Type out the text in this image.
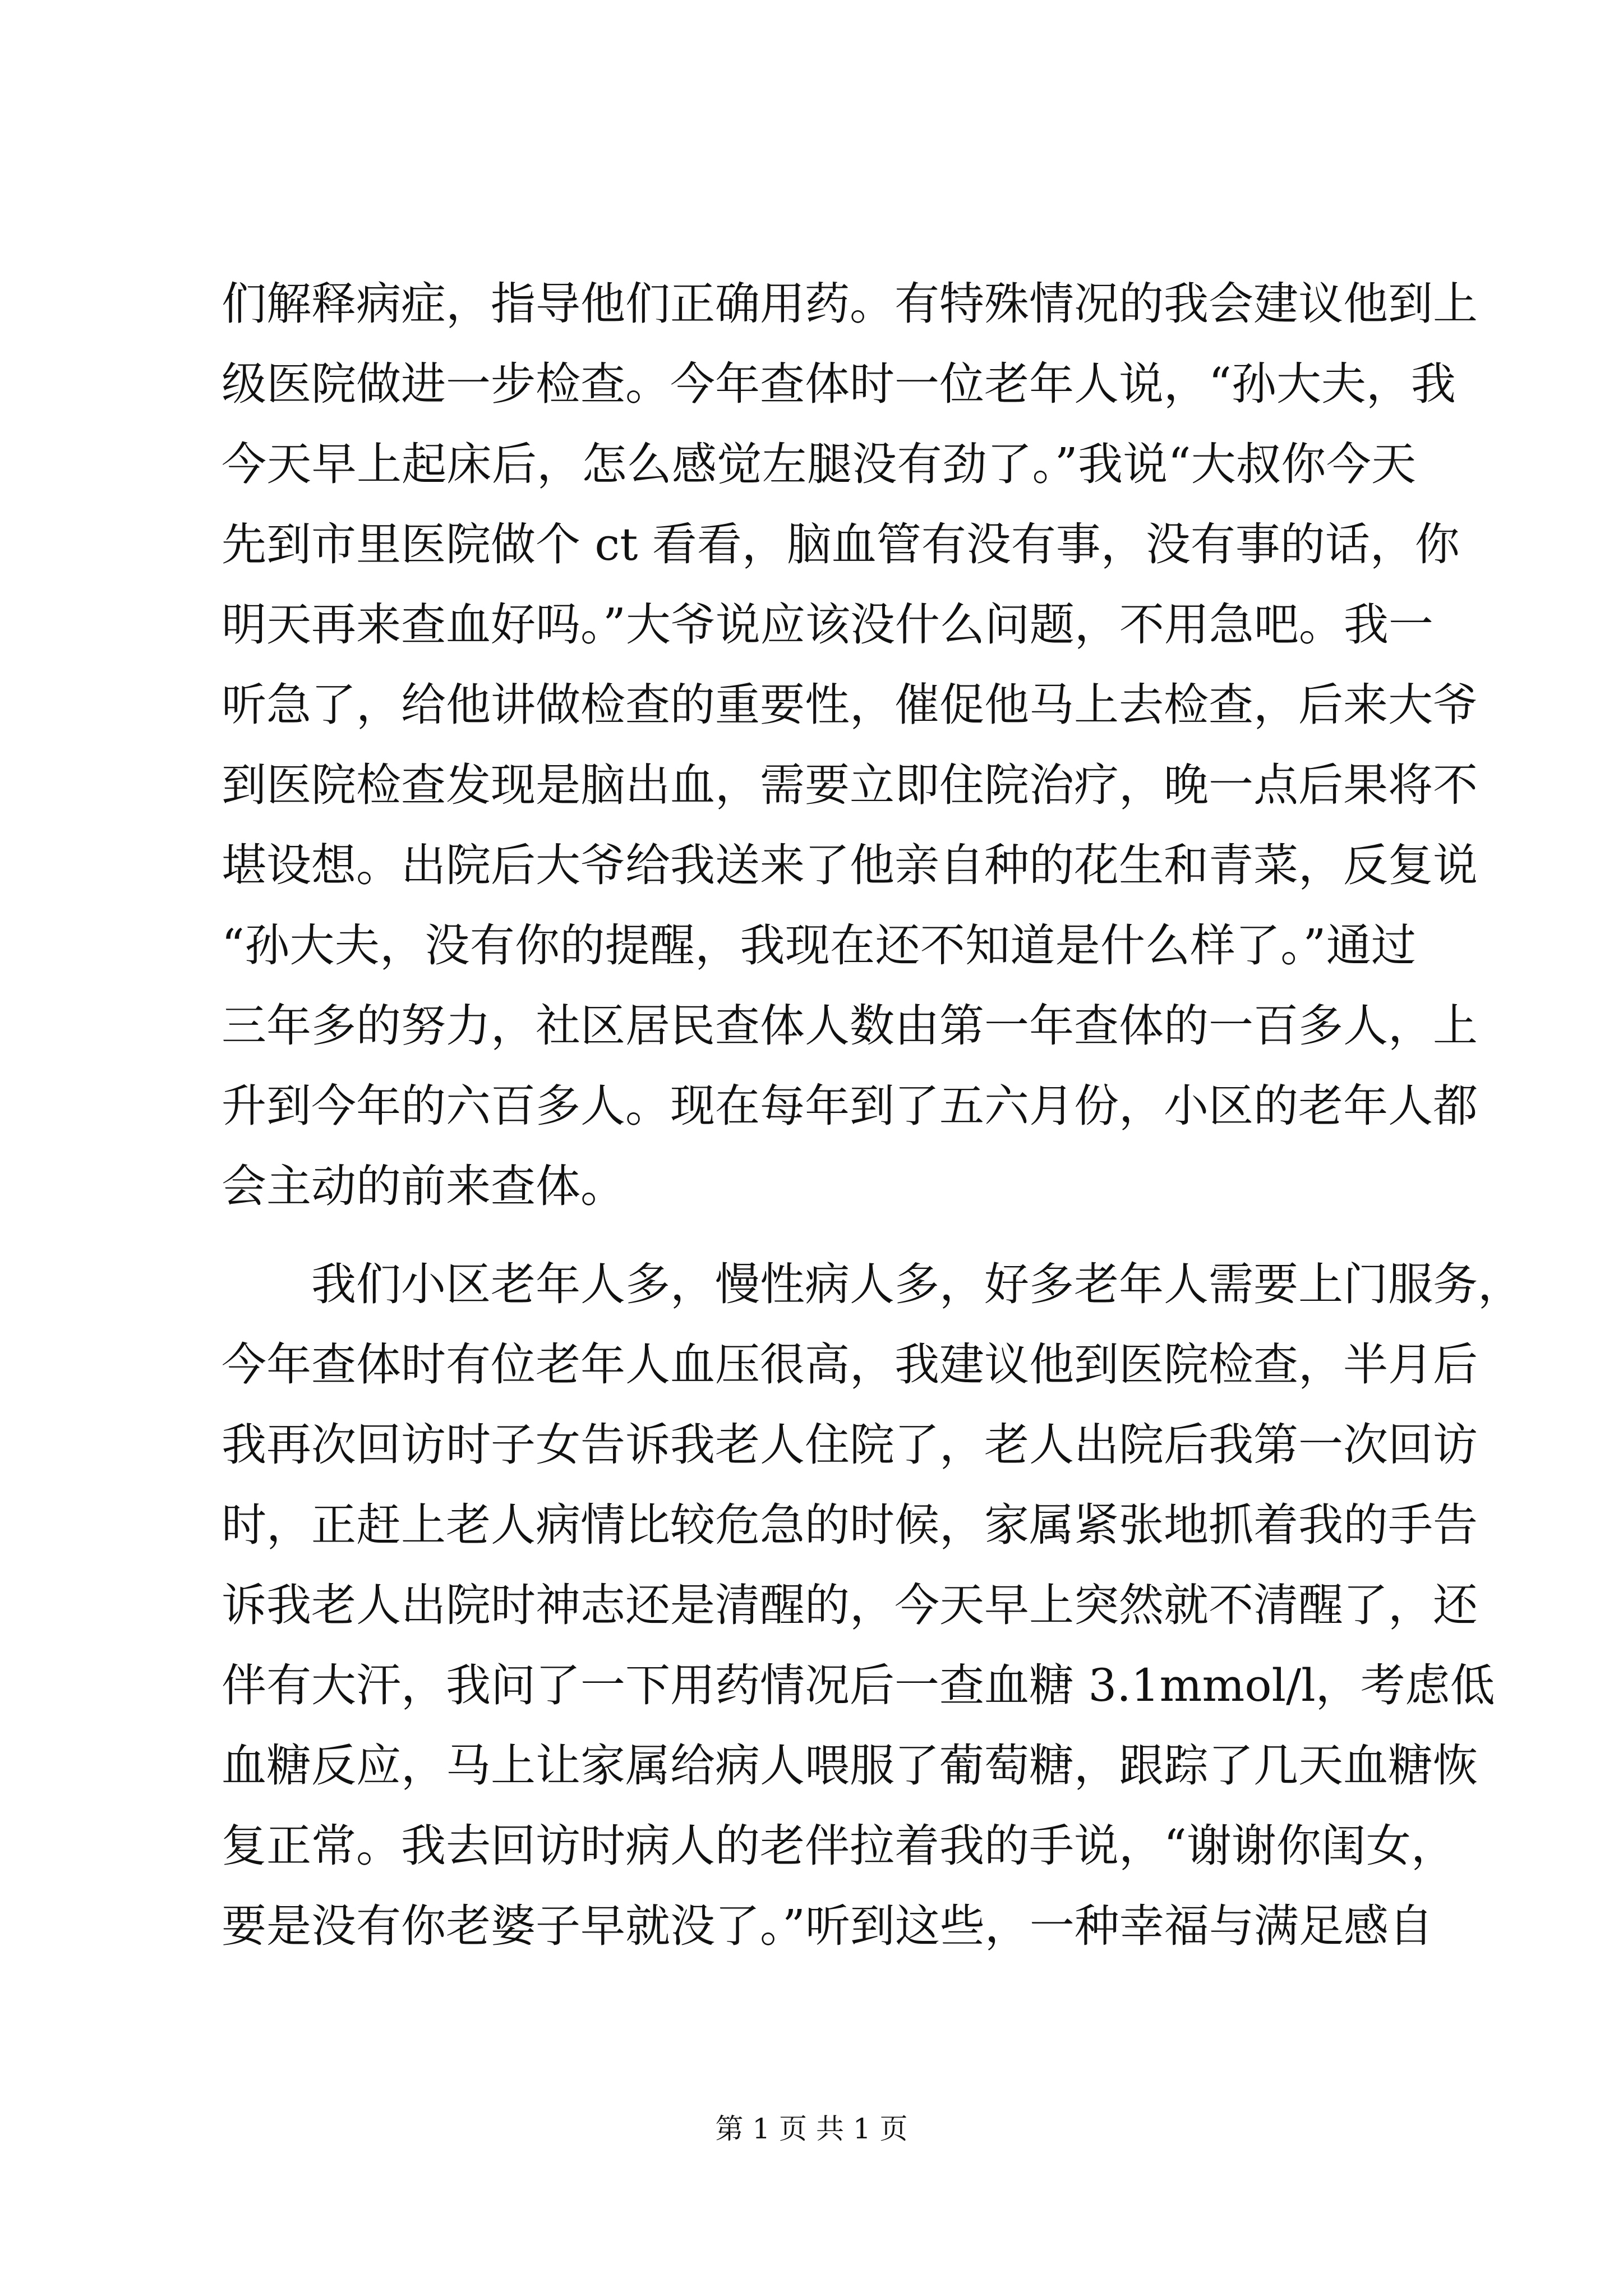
们解释病症，指导他们正确用药。有特殊情况的我会建议他到上
级医院做进一步检查。今年查体时一位老年人说，“孙大夫，我
今天早上起床后，怎么感觉左腿没有劲了。”我说“大叔你今天
先到市里医院做个 ct 看看，脑血管有没有事，没有事的话，你
明天再来查血好吗。”大爷说应该没什么问题，不用急吧。我一
听急了，给他讲做检查的重要性，催促他马上去检查，后来大爷
到医院检查发现是脑出血，需要立即住院治疗，晚一点后果将不
堪设想。出院后大爷给我送来了他亲自种的花生和青菜，反复说
“孙大夫，没有你的提醒，我现在还不知道是什么样了。”通过
三年多的努力，社区居民查体人数由第一年查体的一百多人，上
升到今年的六百多人。现在每年到了五六月份，小区的老年人都
会主动的前来查体。
我们小区老年人多，慢性病人多，好多老年人需要上门服务，
今年查体时有位老年人血压很高，我建议他到医院检查，半月后
我再次回访时子女告诉我老人住院了，老人出院后我第一次回访
时，正赶上老人病情比较危急的时候，家属紧张地抓着我的手告
诉我老人出院时神志还是清醒的，今天早上突然就不清醒了，还
伴有大汗，我问了一下用药情况后一查血糖 3.1mmol/l，考虑低
血糖反应，马上让家属给病人喂服了葡萄糖，跟踪了几天血糖恢
复正常。我去回访时病人的老伴拉着我的手说，“谢谢你闺女，
要是没有你老婆子早就没了。”听到这些，一种幸福与满足感自
第 1 页 共 1 页
